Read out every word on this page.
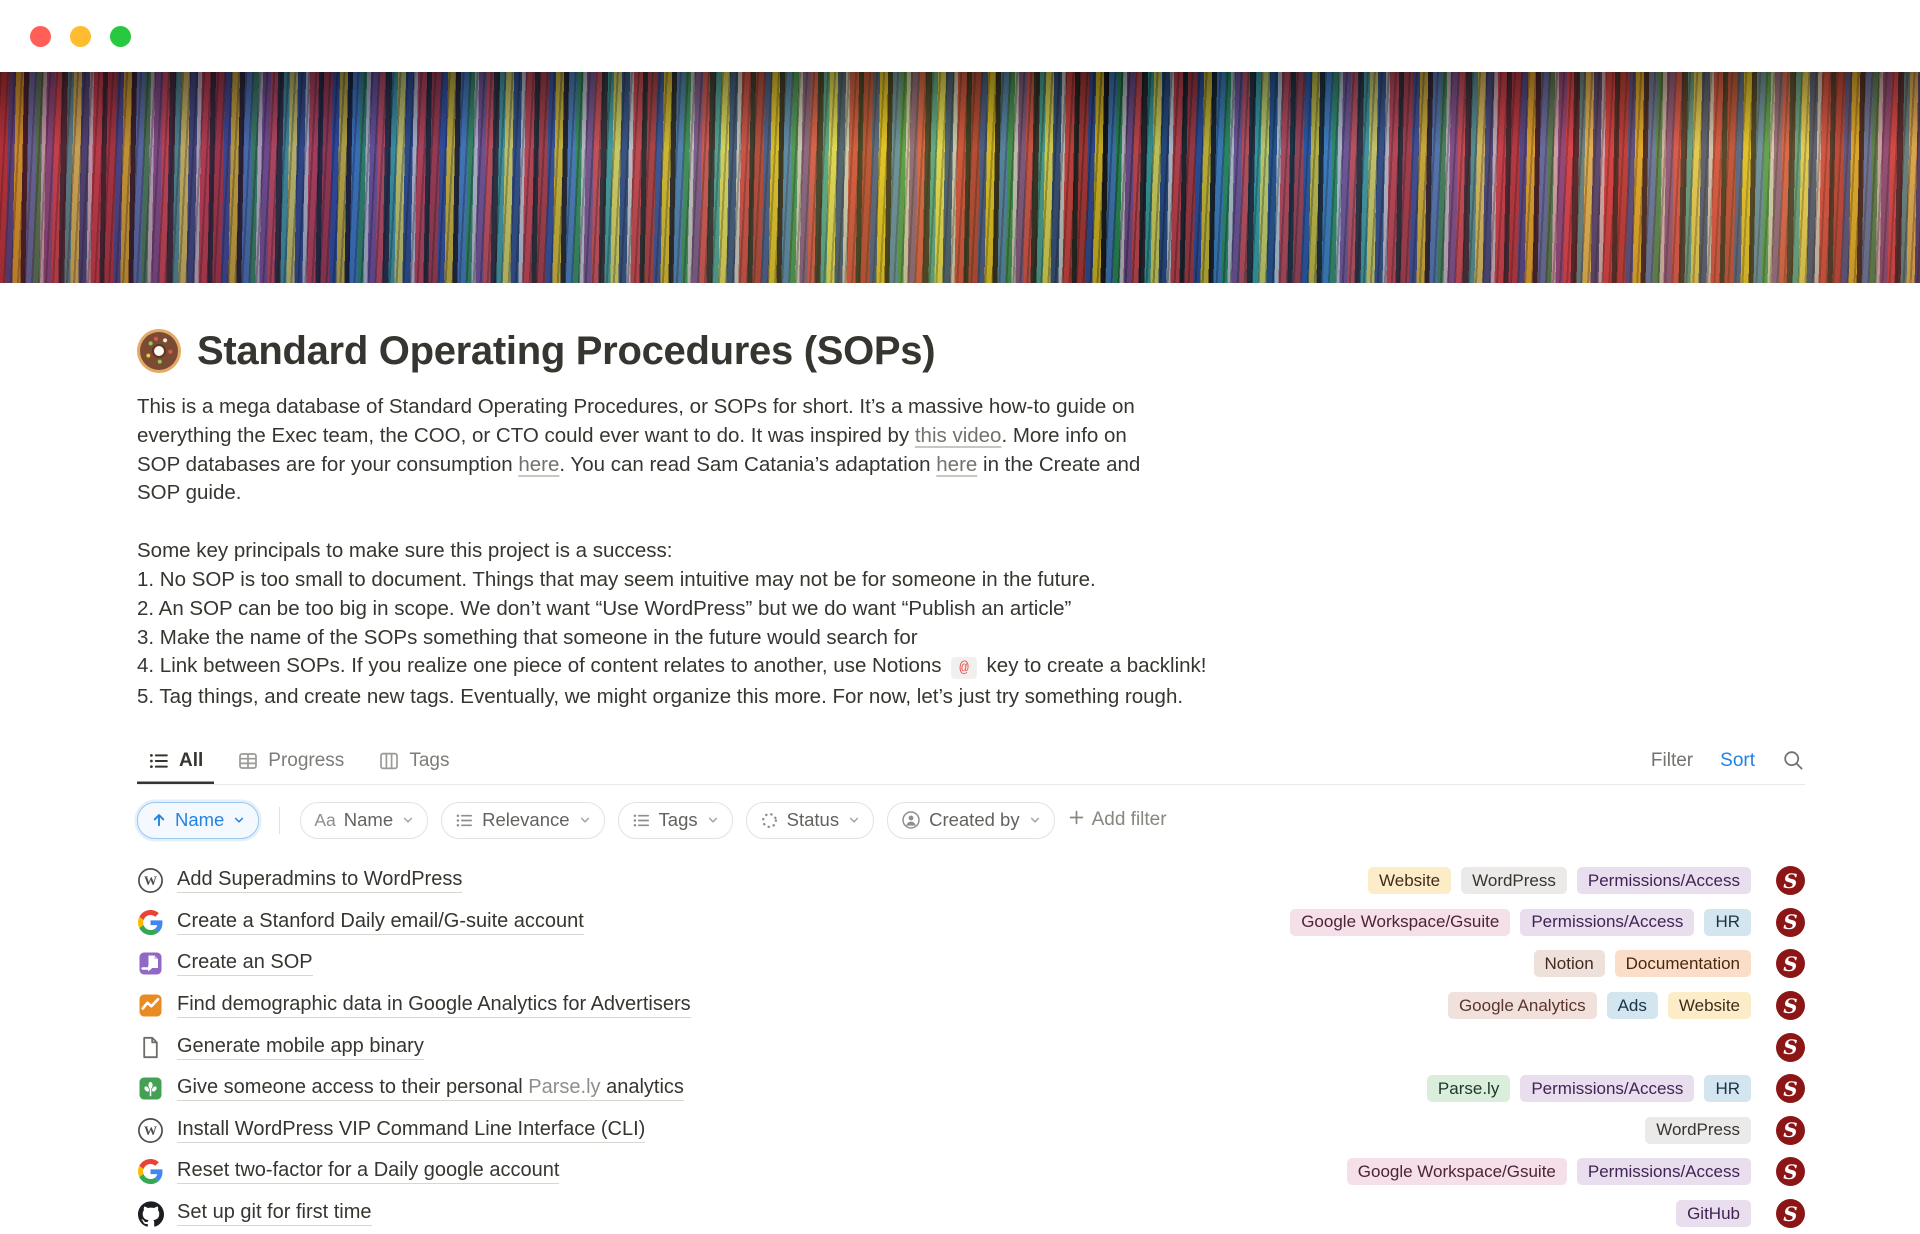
Standard Operating Procedures (SOPs)
This is a mega database of Standard Operating Procedures, or SOPs for short. It’s a massive how-to guide on everything the Exec team, the COO, or CTO could ever want to do. It was inspired by this video. More info on SOP databases are for your consumption here. You can read Sam Catania’s adaptation here in the Create and SOP guide.
Some key principals to make sure this project is a success:
1. No SOP is too small to document. Things that may seem intuitive may not be for someone in the future.
2. An SOP can be too big in scope. We don’t want “Use WordPress” but we do want “Publish an article”
3. Make the name of the SOPs something that someone in the future would search for
4. Link between SOPs. If you realize one piece of content relates to another, use Notions @ key to create a backlink!
5. Tag things, and create new tags. Eventually, we might organize this more. For now, let’s just try something rough.
All	Progress	Tags	Filter Sort
Name	Aa Name	Relevance	Tags	Status	Created by	Add filter
W Add Superadmins to WordPress	Website	WordPress	Permissions/Access	S
Create a Stanford Daily email/G-suite account	Google Workspace/Gsuite	Permissions/Access	HR	S
Create an SOP	Notion	Documentation	S
Find demographic data in Google Analytics for Advertisers	Google Analytics	Ads	Website	S
Generate mobile app binary	S
Give someone access to their personal Parse.ly analytics	Parse.ly	Permissions/Access	HR	S
W Install WordPress VIP Command Line Interface (CLI)	WordPress	S
Reset two-factor for a Daily google account	Google Workspace/Gsuite	Permissions/Access	S
Set up git for first time	GitHub	S
